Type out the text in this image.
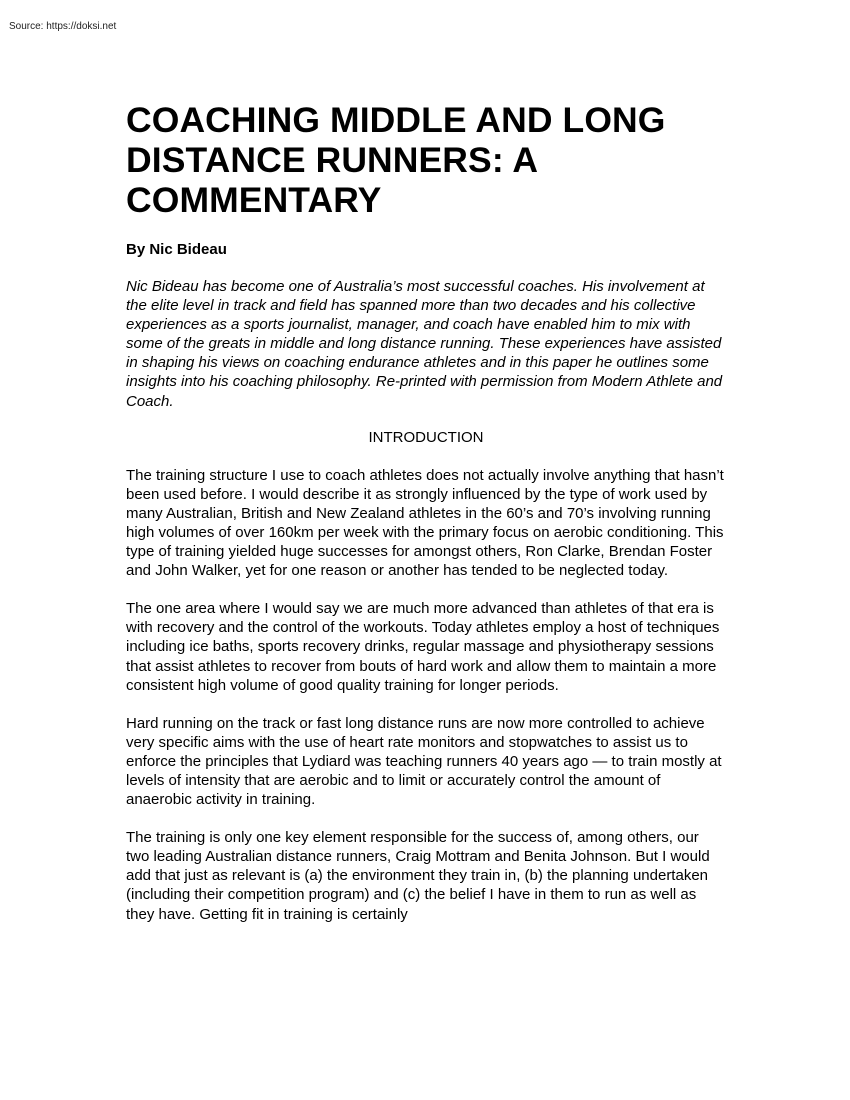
Source: https://doksi.net
COACHING MIDDLE AND LONG DISTANCE RUNNERS: A COMMENTARY

By Nic Bideau

Nic Bideau has become one of Australia’s most successful coaches. His involvement at the elite level in track and field has spanned more than two decades and his collective experiences as a sports journalist, manager, and coach have enabled him to mix with some of the greats in middle and long distance running. These experiences have assisted in shaping his views on coaching endurance athletes and in this paper he outlines some insights into his coaching philosophy. Re-printed with permission from Modern Athlete and Coach.

INTRODUCTION

The training structure I use to coach athletes does not actually involve anything that hasn’t been used before. I would describe it as strongly influenced by the type of work used by many Australian, British and New Zealand athletes in the 60’s and 70’s involving running high volumes of over 160km per week with the primary focus on aerobic conditioning. This type of training yielded huge successes for amongst others, Ron Clarke, Brendan Foster and John Walker, yet for one reason or another has tended to be neglected today.

The one area where I would say we are much more advanced than athletes of that era is with recovery and the control of the workouts. Today athletes employ a host of techniques including ice baths, sports recovery drinks, regular massage and physiotherapy sessions that assist athletes to recover from bouts of hard work and allow them to maintain a more consistent high volume of good quality training for longer periods.

Hard running on the track or fast long distance runs are now more controlled to achieve very specific aims with the use of heart rate monitors and stopwatches to assist us to enforce the principles that Lydiard was teaching runners 40 years ago — to train mostly at levels of intensity that are aerobic and to limit or accurately control the amount of anaerobic activity in training.

The training is only one key element responsible for the success of, among others, our two leading Australian distance runners, Craig Mottram and Benita Johnson. But I would add that just as relevant is (a) the environment they train in, (b) the planning undertaken (including their competition program) and (c) the belief I have in them to run as well as they have. Getting fit in training is certainly
